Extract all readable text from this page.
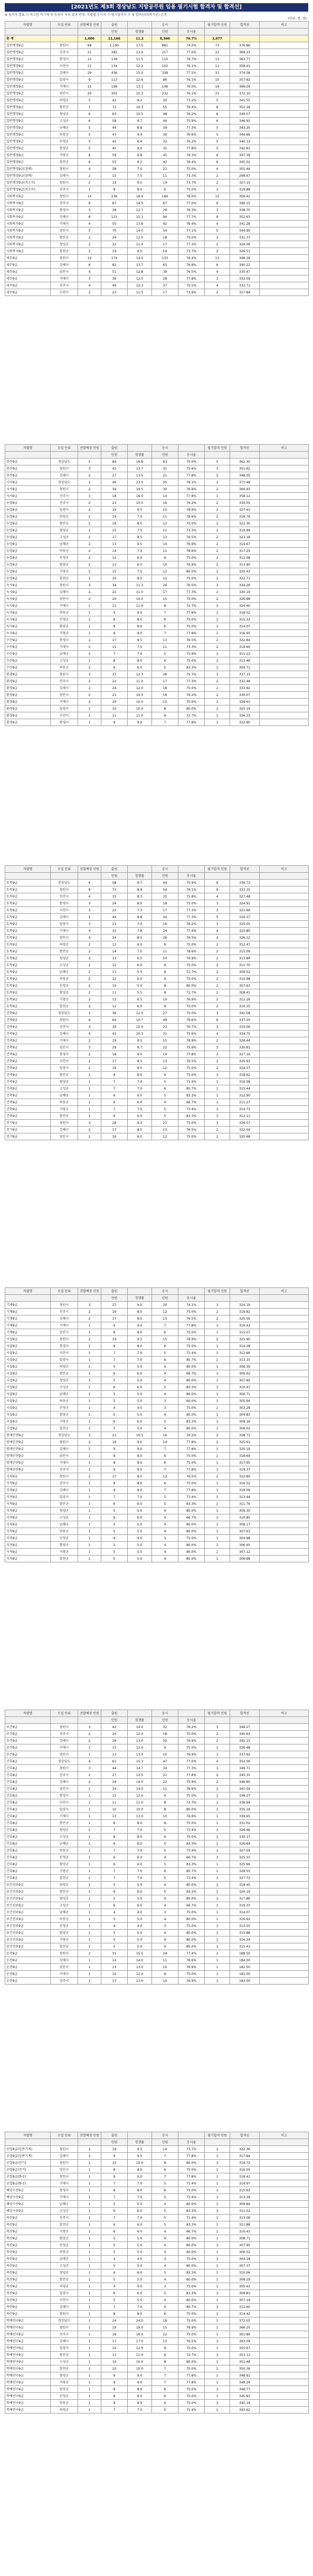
[2021년도 제3회 경상남도 지방공무원 임용 필기시험 합격자 및 합격선]
※ 합격자 발표 시 비고란 미기재 및 동점자 처리 결과 반영. 직렬별 응시자 수·필기합격자 수 및 합격선(과락기준) 공개
(단위: 명, 점)
직렬명	모집 단위	선발예정 인원	출원		응시		필기합격 인원	합격선	비고
			인원	경쟁률	인원	응시율			
총 계		1,000	11,166	11.2	8,560	76.7%	1,077		
일반행정9급	창원시	68	1,190	17.5	881	74.0%	73	376.86	
일반행정9급	진주시	21	282	13.4	217	77.0%	22	369.23	
일반행정9급	통영시	12	138	11.5	110	79.7%	13	363.77	
일반행정9급	사천시	11	134	12.2	102	76.1%	12	358.41	
일반행정9급	김해시	29	436	15.0	338	77.5%	31	374.58	
일반행정9급	밀양시	9	113	12.6	86	76.1%	10	357.92	
일반행정9급	거제시	15	196	13.1	149	76.0%	16	366.04	
일반행정9급	양산시	20	305	15.3	232	76.1%	21	372.10	
일반행정9급	의령군	5	41	8.2	30	73.2%	5	341.55	
일반행정9급	함안군	7	72	10.3	55	76.4%	8	352.18	
일반행정9급	창녕군	6	63	10.5	48	76.2%	6	349.07	
일반행정9급	고성군	6	58	9.7	44	75.9%	6	346.93	
일반행정9급	남해군	5	44	8.8	34	77.3%	5	343.20	
일반행정9급	하동군	5	47	9.4	36	76.6%	5	344.66	
일반행정9급	산청군	5	42	8.4	32	76.2%	5	340.12	
일반행정9급	함양군	5	45	9.0	35	77.8%	5	342.81	
일반행정9급	거창군	6	59	9.8	45	76.3%	6	347.39	
일반행정9급	합천군	6	55	9.2	42	76.4%	6	345.02	
일반행정9급(장애)	창원시	4	28	7.0	21	75.0%	4	301.44	
일반행정9급(장애)	김해시	2	15	7.5	11	73.3%	2	298.67	
일반행정9급(저소득)	창원시	2	19	9.5	14	73.7%	2	327.15	
일반행정9급(저소득)	진주시	1	8	8.0	6	75.0%	1	319.88	
사회복지9급	창원시	14	236	16.9	184	78.0%	15	356.42	
사회복지9급	진주시	6	87	14.5	67	77.0%	6	349.15	
사회복지9급	통영시	3	38	12.7	29	76.3%	3	338.70	
사회복지9급	김해시	8	121	15.1	94	77.7%	9	352.63	
사회복지9급	거제시	4	55	13.8	42	76.4%	4	341.28	
사회복지9급	양산시	5	70	14.0	54	77.1%	5	344.90	
사회복지9급	함안군	2	24	12.0	18	75.0%	2	331.37	
사회복지9급	창녕군	2	22	11.0	17	77.3%	2	329.06	
사회복지9급	합천군	2	19	9.5	14	73.7%	2	326.51	
세무9급	창원시	12	174	14.5	133	76.4%	13	346.18	
세무9급	김해시	6	82	13.7	63	76.8%	6	340.22	
세무9급	양산시	4	51	12.8	39	76.5%	4	335.47	
세무9급	거제시	3	36	12.0	28	77.8%	3	332.09	
세무9급	진주시	4	49	12.3	37	75.5%	4	333.71	
세무9급	사천시	2	23	11.5	17	73.9%	2	327.84	
직렬명	모집 단위	선발예정 인원	출원		응시		필기합격 인원	합격선	비고
			인원	경쟁률	인원	응시율			
전산9급	경상남도	5	84	16.8	63	75.0%	5	362.30	
전산9급	창원시	3	41	13.7	31	75.6%	3	351.62	
전산9급	김해시	2	27	13.5	21	77.8%	2	348.05	
사서9급	경상남도	2	46	23.0	35	76.1%	2	371.48	
사서9급	창원시	2	39	19.5	30	76.9%	2	366.93	
사서9급	진주시	1	18	18.0	14	77.8%	1	358.12	
농업9급	진주시	2	21	10.5	16	76.2%	2	330.55	
농업9급	밀양시	2	19	9.5	15	78.9%	2	327.41	
농업9급	의령군	2	14	7.0	11	78.6%	2	318.76	
농업9급	함안군	2	16	8.0	12	75.0%	2	321.30	
농업9급	창녕군	2	15	7.5	11	73.3%	2	319.94	
농업9급	고성군	2	17	8.5	13	76.5%	2	323.18	
농업9급	남해군	2	13	6.5	10	76.9%	2	314.67	
농업9급	하동군	2	14	7.0	11	78.6%	2	317.25	
농업9급	산청군	2	12	6.0	9	75.0%	2	312.08	
농업9급	함양군	2	13	6.5	10	76.9%	2	313.90	
농업9급	거창군	2	15	7.5	12	80.0%	2	320.43	
농업9급	합천군	2	16	8.0	12	75.0%	2	322.71	
녹지9급	창원시	3	34	11.3	26	76.5%	3	334.26	
녹지9급	김해시	2	22	11.0	17	77.3%	2	330.19	
녹지9급	양산시	2	20	10.0	15	75.0%	2	326.88	
녹지9급	거제시	1	11	11.0	8	72.7%	1	324.40	
녹지9급	하동군	1	9	9.0	7	77.8%	1	318.52	
녹지9급	산청군	1	8	8.0	6	75.0%	1	315.33	
녹지9급	함양군	1	8	8.0	6	75.0%	1	314.07	
녹지9급	거창군	1	9	9.0	7	77.8%	1	316.95	
수산9급	통영시	2	17	8.5	13	76.5%	2	322.84	
수산9급	거제시	2	15	7.5	11	73.3%	2	319.60	
수산9급	남해군	1	7	7.0	5	71.4%	1	311.22	
수산9급	고성군	1	8	8.0	6	75.0%	1	313.46	
수산9급	하동군	1	6	6.0	5	83.3%	1	309.71	
환경9급	창원시	3	37	12.3	28	75.7%	3	337.15	
환경9급	진주시	2	22	11.0	17	77.3%	2	332.48	
환경9급	김해시	2	24	12.0	18	75.0%	2	333.92	
환경9급	양산시	2	21	10.5	16	76.2%	2	330.07	
환경9급	거제시	2	20	10.0	15	75.0%	2	328.61	
환경9급	밀양시	1	10	10.0	8	80.0%	1	325.14	
환경9급	사천시	1	11	11.0	8	72.7%	1	326.33	
환경9급	통영시	1	9	9.0	7	77.8%	1	322.90	
직렬명	모집 단위	선발예정 인원	출원		응시		필기합격 인원	합격선	비고
			인원	경쟁률	인원	응시율			
토목9급	경상남도	6	58	9.7	44	75.9%	6	336.72	
토목9급	창원시	8	71	8.9	54	76.1%	9	332.15	
토목9급	진주시	4	33	8.3	25	75.8%	4	327.48	
토목9급	통영시	3	24	8.0	18	75.0%	3	324.91	
토목9급	사천시	3	22	7.3	17	77.3%	3	321.66	
토목9급	김해시	5	44	8.8	34	77.3%	5	329.37	
토목9급	밀양시	3	21	7.0	16	76.2%	3	320.05	
토목9급	거제시	4	31	7.8	24	77.4%	4	323.80	
토목9급	양산시	4	34	8.5	26	76.5%	4	326.12	
토목9급	의령군	2	12	6.0	9	75.0%	2	312.47	
토목9급	함안군	2	14	7.0	11	78.6%	2	315.09	
토목9급	창녕군	2	13	6.5	10	76.9%	2	313.84	
토목9급	고성군	2	12	6.0	9	75.0%	2	311.70	
토목9급	남해군	2	11	5.5	8	72.7%	2	309.52	
토목9급	하동군	2	12	6.0	9	75.0%	2	310.98	
토목9급	산청군	2	10	5.0	8	80.0%	2	307.63	
토목9급	함양군	2	11	5.5	8	72.7%	2	308.41	
토목9급	거창군	2	13	6.5	10	76.9%	2	312.26	
토목9급	합천군	2	12	6.0	9	75.0%	2	310.35	
건축9급	경상남도	3	36	12.0	27	75.0%	3	341.58	
건축9급	창원시	6	64	10.7	49	76.6%	6	337.20	
건축9급	진주시	3	30	10.0	23	76.7%	3	333.06	
건축9급	김해시	4	41	10.3	31	75.6%	4	334.75	
건축9급	거제시	2	19	9.5	15	78.9%	2	328.44	
건축9급	양산시	3	29	9.7	22	75.9%	3	330.81	
건축9급	통영시	2	18	9.0	14	77.8%	2	327.19	
건축9급	사천시	2	17	8.5	13	76.5%	2	325.93	
건축9급	밀양시	2	16	8.0	12	75.0%	2	324.37	
건축9급	함안군	1	8	8.0	6	75.0%	1	318.62	
건축9급	창녕군	1	7	7.0	5	71.4%	1	316.08	
건축9급	고성군	1	7	7.0	6	85.7%	1	315.44	
건축9급	남해군	1	6	6.0	5	83.3%	1	312.90	
건축9급	하동군	1	6	6.0	4	66.7%	1	311.27	
건축9급	거창군	1	7	7.0	5	71.4%	1	314.73	
건축9급	합천군	1	6	6.0	5	83.3%	1	312.11	
전기9급	창원시	3	28	9.3	21	75.0%	3	326.57	
전기9급	김해시	2	17	8.5	13	76.5%	2	322.04	
전기9급	양산시	2	16	8.0	12	75.0%	2	320.68	
직렬명	모집 단위	선발예정 인원	출원		응시		필기합격 인원	합격선	비고
			인원	경쟁률	인원	응시율			
기계9급	창원시	3	27	9.0	20	74.1%	3	324.19	
기계9급	진주시	2	16	8.0	12	75.0%	2	319.82	
기계9급	김해시	2	17	8.5	13	76.5%	2	320.56	
기계9급	거제시	1	9	9.0	7	77.8%	1	316.43	
기계9급	양산시	1	8	8.0	6	75.0%	1	315.07	
시설9급	창원시	2	19	9.5	15	78.9%	2	321.90	
시설9급	통영시	1	8	8.0	6	75.0%	1	314.28	
시설9급	사천시	1	7	7.0	5	71.4%	1	312.66	
시설9급	밀양시	1	7	7.0	6	85.7%	1	313.15	
시설9급	의령군	1	5	5.0	4	80.0%	1	308.39	
시설9급	함안군	1	6	6.0	4	66.7%	1	309.92	
시설9급	창녕군	1	5	5.0	4	80.0%	1	307.85	
시설9급	고성군	1	6	6.0	5	83.3%	1	310.47	
시설9급	남해군	1	5	5.0	4	80.0%	1	306.71	
시설9급	하동군	1	5	5.0	3	60.0%	1	305.94	
시설9급	산청군	1	4	4.0	3	75.0%	1	303.28	
시설9급	함양군	1	5	5.0	4	80.0%	1	304.83	
시설9급	거창군	1	6	6.0	5	83.3%	1	309.16	
시설9급	합천군	1	5	5.0	4	80.0%	1	306.02	
방재안전9급	경상남도	2	21	10.5	16	76.2%	2	328.73	
방재안전9급	창원시	2	18	9.0	14	77.8%	2	325.41	
방재안전9급	김해시	1	9	9.0	7	77.8%	1	320.19	
방재안전9급	양산시	1	8	8.0	6	75.0%	1	318.64	
방재안전9급	거제시	1	8	8.0	6	75.0%	1	317.95	
방재안전9급	진주시	1	9	9.0	7	77.8%	1	319.37	
지적9급	창원시	2	17	8.5	13	76.5%	2	322.80	
지적9급	진주시	1	8	8.0	6	75.0%	1	316.52	
지적9급	김해시	1	9	9.0	7	77.8%	1	318.09	
지적9급	밀양시	1	7	7.0	5	71.4%	1	313.44	
지적9급	함안군	1	6	6.0	5	83.3%	1	311.76	
지적9급	창녕군	1	5	5.0	4	80.0%	1	309.30	
지적9급	고성군	1	6	6.0	4	66.7%	1	310.85	
지적9급	남해군	1	5	5.0	4	80.0%	1	308.17	
지적9급	하동군	1	5	5.0	4	80.0%	1	307.63	
지적9급	산청군	1	4	4.0	3	75.0%	1	304.98	
지적9급	함양군	1	5	5.0	4	80.0%	1	306.40	
지적9급	거창군	1	5	5.0	4	80.0%	1	307.12	
지적9급	합천군	1	5	5.0	4	80.0%	1	306.88	
직렬명	모집 단위	선발예정 인원	출원		응시		필기합격 인원	합격선	비고
			인원	경쟁률	인원	응시율			
보건9급	창원시	3	42	14.0	32	76.2%	3	348.27	
보건9급	진주시	2	24	12.0	18	75.0%	2	340.63	
보건9급	김해시	2	26	13.0	20	76.9%	2	342.15	
보건9급	거제시	1	12	12.0	9	75.0%	1	336.48	
보건9급	양산시	1	13	13.0	10	76.9%	1	337.92	
간호8급	경상남도	4	61	15.3	47	77.0%	4	352.06	
간호8급	창원시	3	44	14.7	34	77.3%	3	349.71	
간호8급	진주시	2	27	13.5	21	77.8%	2	345.33	
간호8급	김해시	2	29	14.5	22	75.9%	2	346.80	
간호8급	양산시	1	14	14.0	11	78.6%	1	341.59	
간호8급	통영시	1	12	12.0	9	75.0%	1	338.27	
간호8급	사천시	1	11	11.0	8	72.7%	1	336.94	
간호8급	밀양시	1	10	10.0	8	80.0%	1	335.18	
간호8급	거제시	1	13	13.0	10	76.9%	1	339.65	
간호8급	함안군	1	8	8.0	6	75.0%	1	331.02	
간호8급	창녕군	1	7	7.0	5	71.4%	1	328.46	
간호8급	고성군	1	8	8.0	6	75.0%	1	330.17	
간호8급	남해군	1	6	6.0	5	83.3%	1	326.84	
간호8급	하동군	1	7	7.0	5	71.4%	1	327.59	
간호8급	산청군	1	6	6.0	4	66.7%	1	325.31	
간호8급	함양군	1	6	6.0	5	83.3%	1	325.96	
간호8급	거창군	1	7	7.0	6	85.7%	1	328.03	
간호8급	합천군	1	7	7.0	5	71.4%	1	327.72	
보건진료9급	의령군	1	5	5.0	4	80.0%	1	318.45	
보건진료9급	함안군	1	6	6.0	5	83.3%	1	320.19	
보건진료9급	창녕군	1	5	5.0	4	80.0%	1	317.86	
보건진료9급	고성군	1	6	6.0	4	66.7%	1	319.33	
보건진료9급	남해군	1	4	4.0	3	75.0%	1	314.07	
보건진료9급	하동군	1	5	5.0	4	80.0%	1	316.62	
보건진료9급	산청군	1	4	4.0	3	75.0%	1	313.55	
보건진료9급	함양군	1	5	5.0	4	80.0%	1	315.88	
보건진료9급	거창군	1	5	5.0	4	80.0%	1	316.24	
보건진료9급	합천군	1	5	5.0	4	80.0%	1	315.41	
운전9급	창원시	2	31	15.5	24	77.4%	2	188.50	
운전9급	김해시	1	14	14.0	11	78.6%	1	184.00	
운전9급	양산시	1	13	13.0	10	76.9%	1	182.50	
운전9급	거제시	1	12	12.0	9	75.0%	1	181.00	
운전9급	진주시	1	13	13.0	10	76.9%	1	183.00	
직렬명	모집 단위	선발예정 인원	출원		응시		필기합격 인원	합격선	비고
			인원	경쟁률	인원	응시율			
공업9급(일반기계)	창원시	2	19	9.5	14	73.7%	2	322.36	
공업9급(일반기계)	김해시	1	9	9.0	7	77.8%	1	317.84	
공업9급(전기)	창원시	1	10	10.0	8	80.0%	1	319.72	
공업9급(전기)	양산시	1	8	8.0	6	75.0%	1	316.05	
공업9급(화공)	창원시	1	9	9.0	7	77.8%	1	318.41	
공업9급(화공)	거제시	1	7	7.0	5	71.4%	1	314.97	
해양수산9급	통영시	1	8	8.0	6	75.0%	1	315.63	
해양수산9급	거제시	1	7	7.0	5	71.4%	1	313.29	
해양수산9급	남해군	1	5	5.0	4	80.0%	1	309.84	
해양수산9급	고성군	1	6	6.0	5	83.3%	1	311.52	
축산9급	진주시	1	7	7.0	5	71.4%	1	313.06	
축산9급	합천군	1	6	6.0	5	83.3%	1	311.88	
축산9급	거창군	1	6	6.0	4	66.7%	1	310.43	
축산9급	함양군	1	5	5.0	4	80.0%	1	308.71	
축산9급	산청군	1	5	5.0	4	80.0%	1	307.95	
축산9급	하동군	1	5	5.0	3	60.0%	1	306.52	
축산9급	남해군	1	4	4.0	3	75.0%	1	304.18	
축산9급	고성군	1	5	5.0	4	80.0%	1	307.37	
축산9급	창녕군	1	6	6.0	5	83.3%	1	310.06	
축산9급	함안군	1	5	5.0	4	80.0%	1	308.29	
축산9급	의령군	1	4	4.0	3	75.0%	1	305.43	
축산9급	밀양시	1	6	6.0	5	83.3%	1	309.81	
축산9급	사천시	1	5	5.0	4	80.0%	1	307.14	
축산9급	김해시	1	7	7.0	6	85.7%	1	312.60	
축산9급	창원시	1	8	8.0	6	75.0%	1	314.42	
학예연구9급	경상남도	1	24	24.0	18	75.0%	1	372.55	
학예연구9급	창원시	1	19	19.0	15	78.9%	1	366.20	
학예연구9급	진주시	1	16	16.0	12	75.0%	1	361.84	
학예연구9급	김해시	1	17	17.0	13	76.5%	1	363.09	
학예연구9급	밀양시	1	12	12.0	9	75.0%	1	355.67	
학예연구9급	함안군	1	11	11.0	8	72.7%	1	353.12	
학예연구9급	고성군	1	10	10.0	8	80.0%	1	351.48	
학예연구9급	합천군	1	10	10.0	7	70.0%	1	350.36	
학예연구9급	창녕군	1	9	9.0	7	77.8%	1	348.91	
학예연구9급	거창군	1	9	9.0	7	77.8%	1	349.24	
학예연구9급	함양군	1	8	8.0	6	75.0%	1	346.77	
학예연구9급	산청군	1	8	8.0	6	75.0%	1	345.83	
학예연구9급	하동군	1	8	8.0	6	75.0%	1	345.19	
학예연구9급	의령군	1	7	7.0	5	71.4%	1	343.62	
